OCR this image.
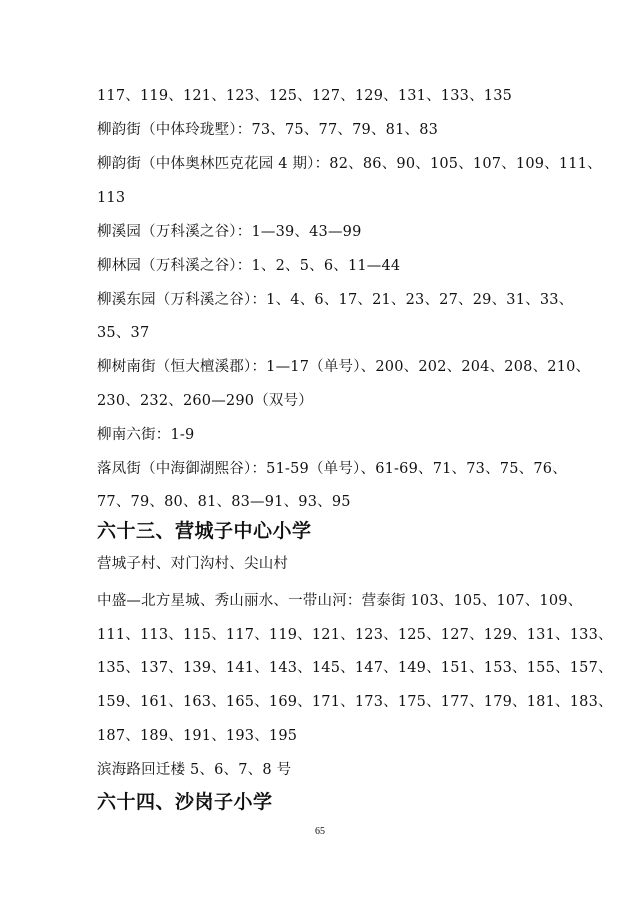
117、119、121、123、125、127、129、131、133、135
柳韵街（中体玲珑墅）：73、75、77、79、81、83
柳韵街（中体奥林匹克花园 4 期）：82、86、90、105、107、109、111、
113
柳溪园（万科溪之谷）：1—39、43—99
柳林园（万科溪之谷）：1、2、5、6、11—44
柳溪东园（万科溪之谷）：1、4、6、17、21、23、27、29、31、33、
35、37
柳树南街（恒大檀溪郡）：1—17（单号）、200、202、204、208、210、
230、232、260—290（双号）
柳南六街：1-9
落凤街（中海御湖熙谷）：51-59（单号）、61-69、71、73、75、76、
77、79、80、81、83—91、93、95
六十三、营城子中心小学
营城子村、对门沟村、尖山村
中盛—北方星城、秀山丽水、一带山河：营泰街 103、105、107、109、
111、113、115、117、119、121、123、125、127、129、131、133、
135、137、139、141、143、145、147、149、151、153、155、157、
159、161、163、165、169、171、173、175、177、179、181、183、
187、189、191、193、195
滨海路回迁楼 5、6、7、8 号
六十四、沙岗子小学
65
